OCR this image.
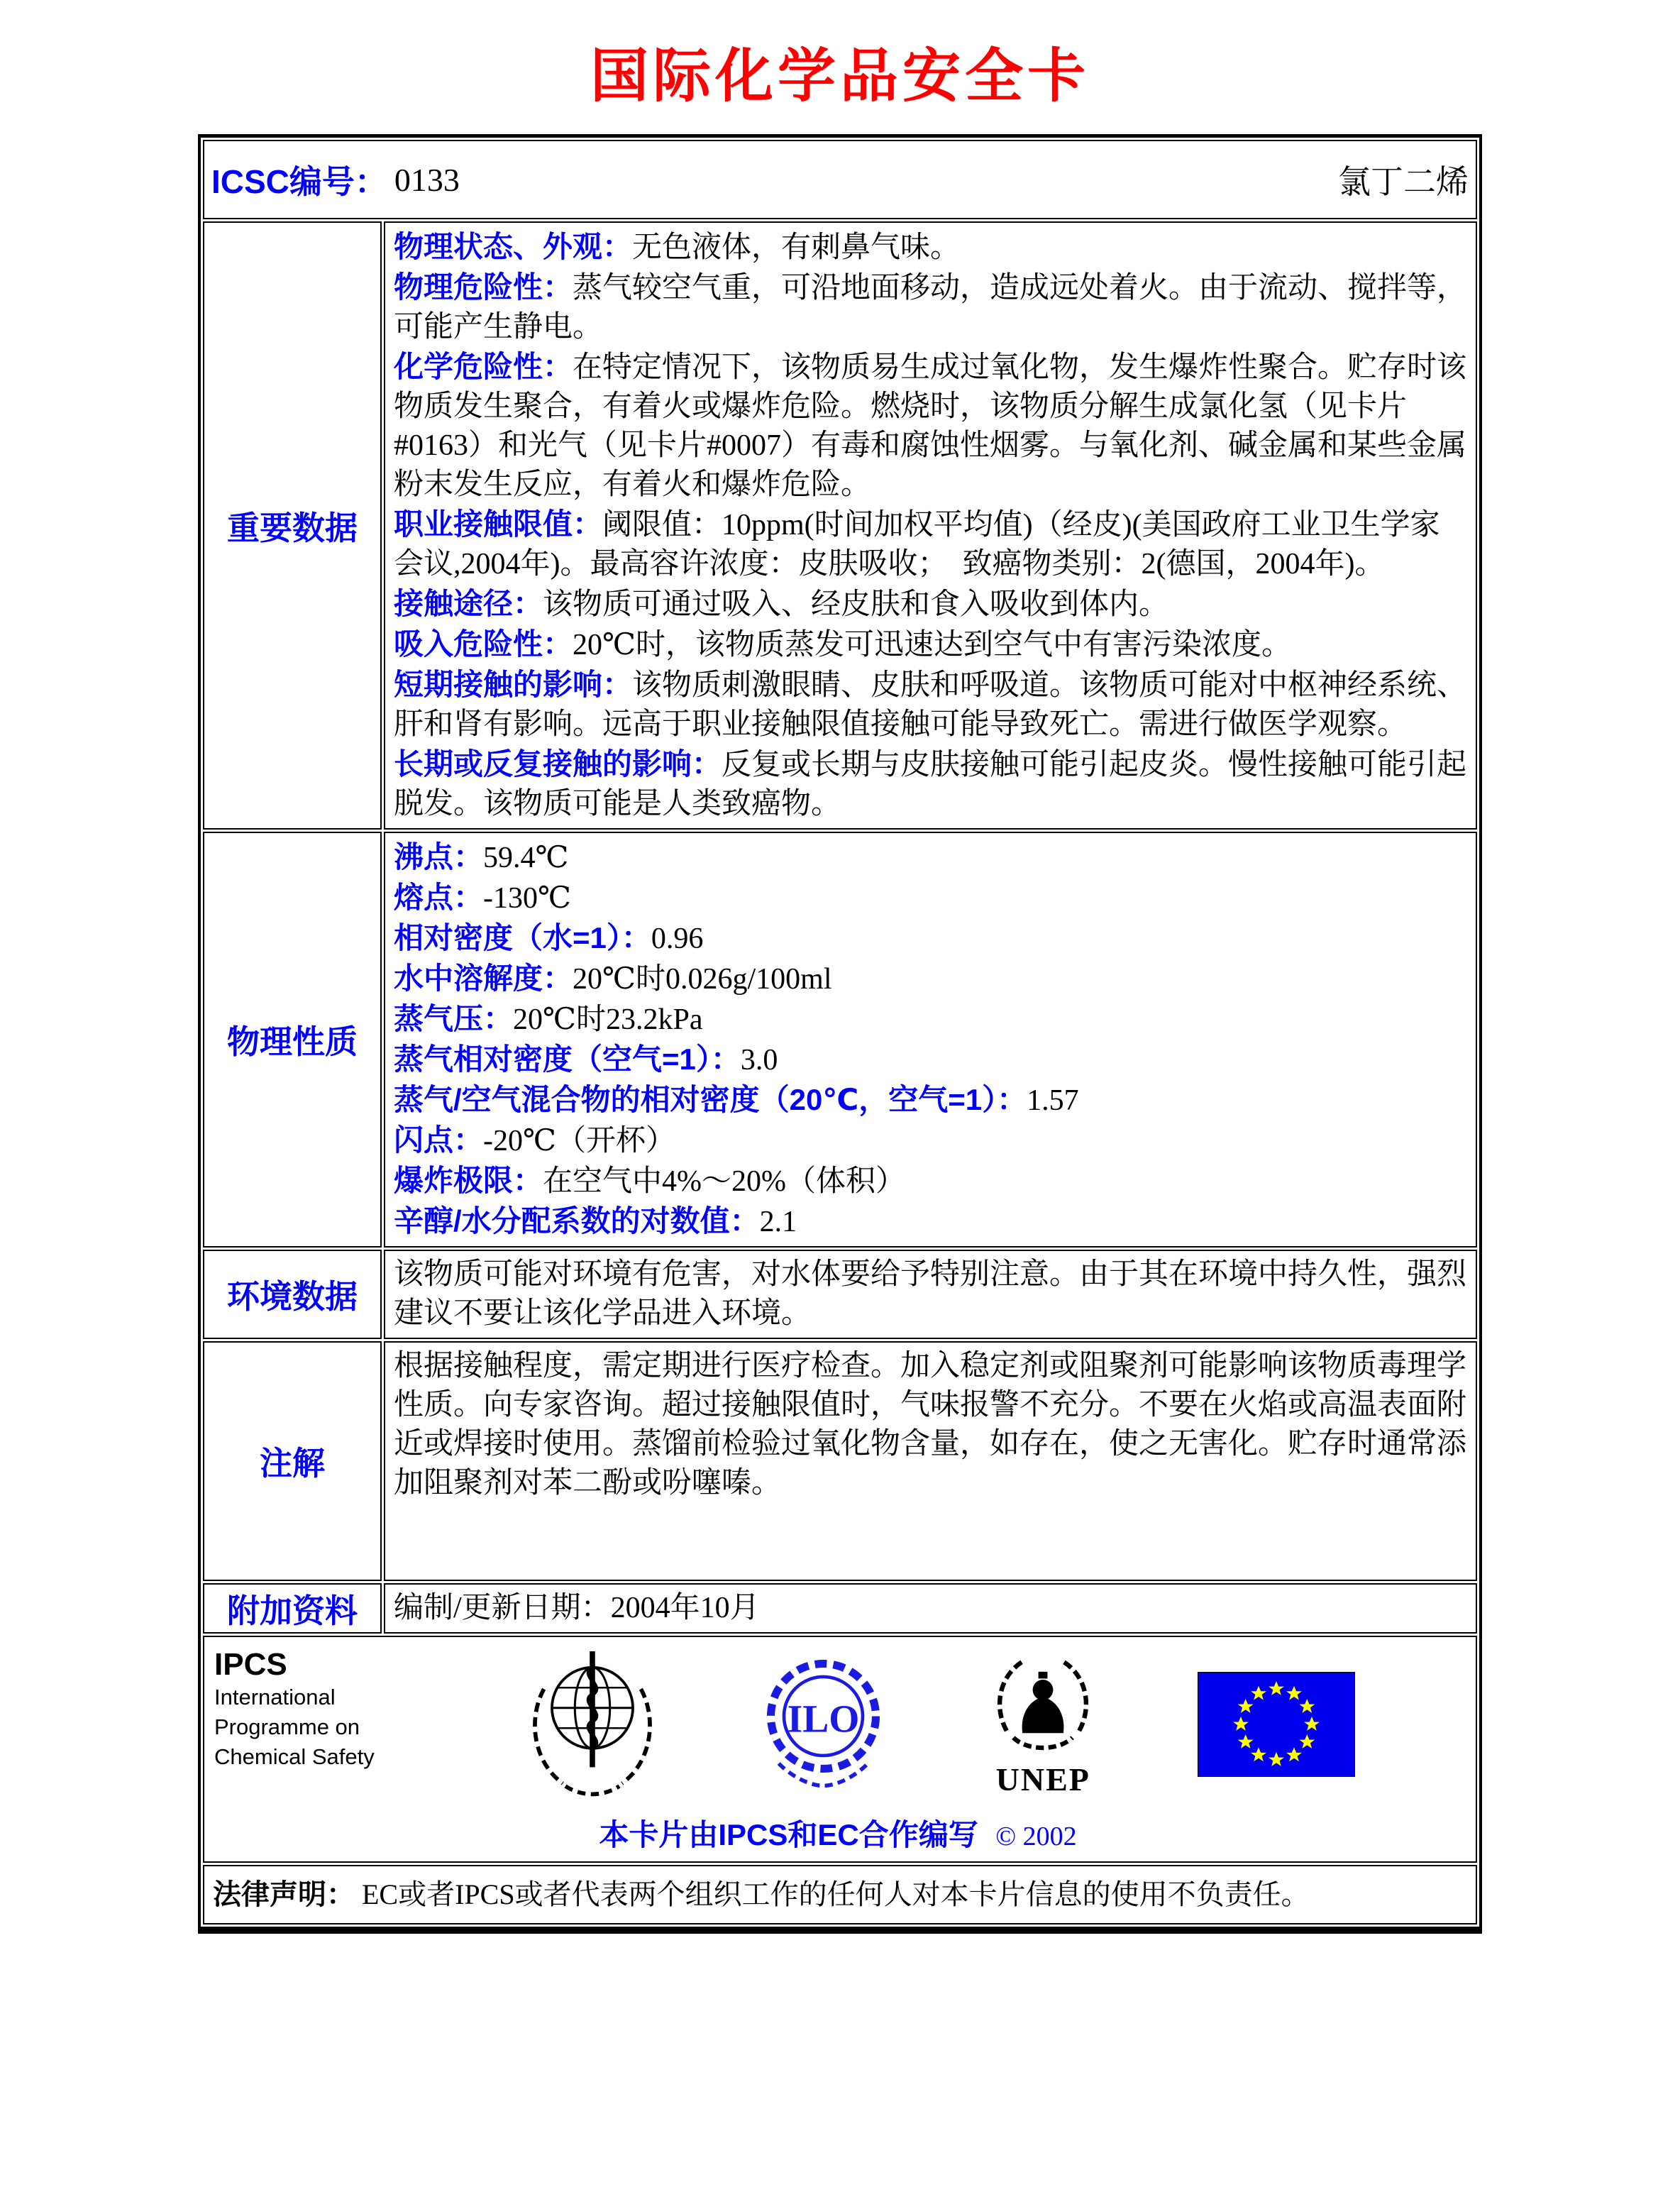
国际化学品安全卡
ICSC编号： 0133	氯丁二烯
重要数据
物理状态、外观：无色液体，有刺鼻气味。
物理危险性：蒸气较空气重，可沿地面移动，造成远处着火。由于流动、搅拌等，可能产生静电。
化学危险性：在特定情况下，该物质易生成过氧化物，发生爆炸性聚合。贮存时该物质发生聚合，有着火或爆炸危险。燃烧时，该物质分解生成氯化氢（见卡片#0163）和光气（见卡片#0007）有毒和腐蚀性烟雾。与氧化剂、碱金属和某些金属粉末发生反应，有着火和爆炸危险。
职业接触限值：阈限值：10ppm(时间加权平均值)（经皮)(美国政府工业卫生学家会议,2004年)。最高容许浓度：皮肤吸收；  致癌物类别：2(德国，2004年)。
接触途径：该物质可通过吸入、经皮肤和食入吸收到体内。
吸入危险性：20℃时，该物质蒸发可迅速达到空气中有害污染浓度。
短期接触的影响：该物质刺激眼睛、皮肤和呼吸道。该物质可能对中枢神经系统、肝和肾有影响。远高于职业接触限值接触可能导致死亡。需进行做医学观察。
长期或反复接触的影响：反复或长期与皮肤接触可能引起皮炎。慢性接触可能引起脱发。该物质可能是人类致癌物。
物理性质
沸点：59.4℃
熔点：-130℃
相对密度（水=1）：0.96
水中溶解度：20℃时0.026g/100ml
蒸气压：20℃时23.2kPa
蒸气相对密度（空气=1）：3.0
蒸气/空气混合物的相对密度（20℃，空气=1）：1.57
闪点：-20℃（开杯）
爆炸极限：在空气中4%～20%（体积）
辛醇/水分配系数的对数值：2.1
环境数据
该物质可能对环境有危害，对水体要给予特别注意。由于其在环境中持久性，强烈建议不要让该化学品进入环境。
注解
根据接触程度，需定期进行医疗检查。加入稳定剂或阻聚剂可能影响该物质毒理学性质。向专家咨询。超过接触限值时，气味报警不充分。不要在火焰或高温表面附近或焊接时使用。蒸馏前检验过氧化物含量，如存在，使之无害化。贮存时通常添加阻聚剂对苯二酚或吩噻嗪。
附加资料 编制/更新日期：2004年10月
IPCS
International
Programme on
Chemical Safety
ILO
UNEP
本卡片由IPCS和EC合作编写 © 2002
法律声明： EC或者IPCS或者代表两个组织工作的任何人对本卡片信息的使用不负责任。
